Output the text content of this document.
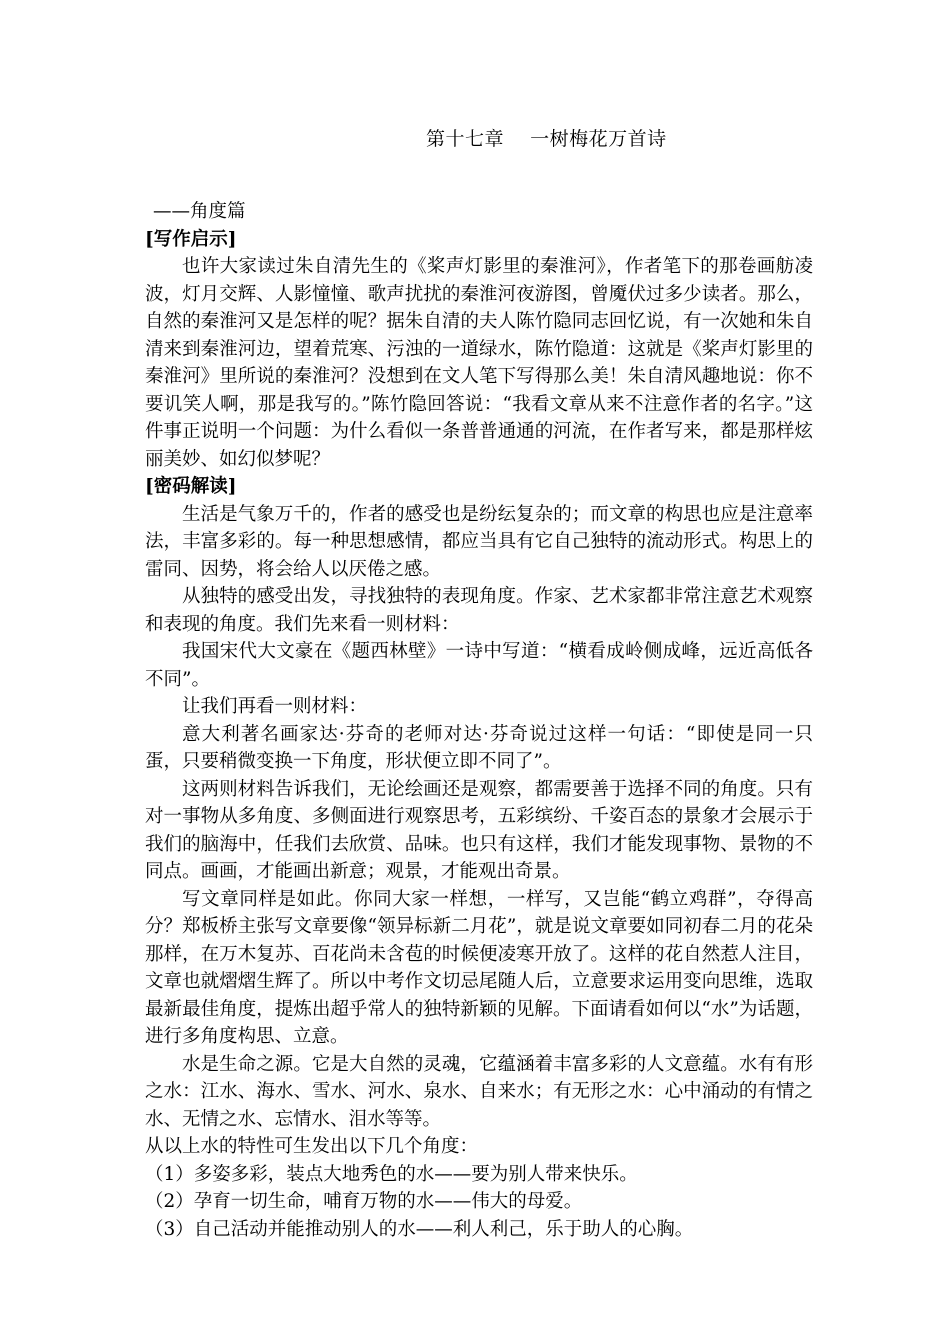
第十七章    一树梅花万首诗

——角度篇

[写作启示]

也许大家读过朱自清先生的《桨声灯影里的秦淮河》，作者笔下的那卷画舫凌波，灯月交辉、人影憧憧、歌声扰扰的秦淮河夜游图，曾魇伏过多少读者。那么，自然的秦淮河又是怎样的呢？据朱自清的夫人陈竹隐同志回忆说，有一次她和朱自清来到秦淮河边，望着荒寒、污浊的一道绿水，陈竹隐道：这就是《桨声灯影里的秦淮河》里所说的秦淮河？没想到在文人笔下写得那么美！朱自清风趣地说：你不要讥笑人啊，那是我写的。”陈竹隐回答说：“我看文章从来不注意作者的名字。”这件事正说明一个问题：为什么看似一条普普通通的河流，在作者写来，都是那样炫丽美妙、如幻似梦呢？

[密码解读]

生活是气象万千的，作者的感受也是纷纭复杂的；而文章的构思也应是注意率法，丰富多彩的。每一种思想感情，都应当具有它自己独特的流动形式。构思上的雷同、因势，将会给人以厌倦之感。

从独特的感受出发，寻找独特的表现角度。作家、艺术家都非常注意艺术观察和表现的角度。我们先来看一则材料：

我国宋代大文豪在《题西林壁》一诗中写道：“横看成岭侧成峰，远近高低各不同”。

让我们再看一则材料：

意大利著名画家达·芬奇的老师对达·芬奇说过这样一句话：“即使是同一只蛋，只要稍微变换一下角度，形状便立即不同了”。

这两则材料告诉我们，无论绘画还是观察，都需要善于选择不同的角度。只有对一事物从多角度、多侧面进行观察思考，五彩缤纷、千姿百态的景象才会展示于我们的脑海中，任我们去欣赏、品味。也只有这样，我们才能发现事物、景物的不同点。画画，才能画出新意；观景，才能观出奇景。

写文章同样是如此。你同大家一样想，一样写，又岂能“鹤立鸡群”，夺得高分？郑板桥主张写文章要像“领异标新二月花”，就是说文章要如同初春二月的花朵那样，在万木复苏、百花尚未含苞的时候便凌寒开放了。这样的花自然惹人注目，文章也就熠熠生辉了。所以中考作文切忌尾随人后，立意要求运用变向思维，选取最新最佳角度，提炼出超乎常人的独特新颖的见解。下面请看如何以“水”为话题，进行多角度构思、立意。

水是生命之源。它是大自然的灵魂，它蕴涵着丰富多彩的人文意蕴。水有有形之水：江水、海水、雪水、河水、泉水、自来水；有无形之水：心中涌动的有情之水、无情之水、忘情水、泪水等等。

从以上水的特性可生发出以下几个角度：

（1）多姿多彩，装点大地秀色的水——要为别人带来快乐。

（2）孕育一切生命，哺育万物的水——伟大的母爱。

（3）自己活动并能推动别人的水——利人利己，乐于助人的心胸。
